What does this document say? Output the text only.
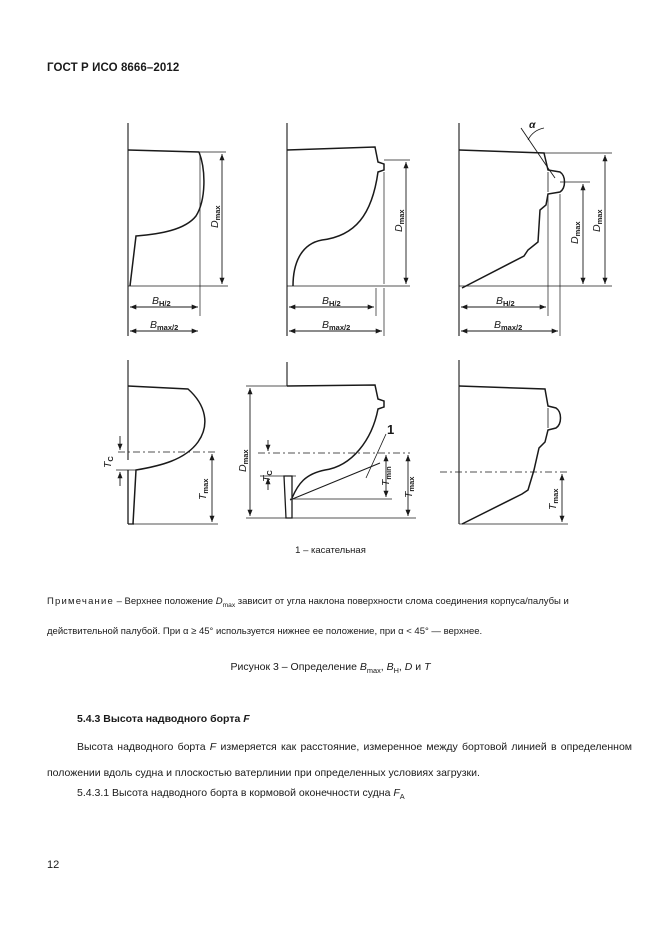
ГОСТ Р ИСО 8666–2012
Dmax
Dmax
Dmax Dmax
Dmax
BH/2
Bmax/2
BH/2
Bmax/2
BH/2
Bmax/2
α
TC
TC
Tmax
Tmax
Tmax
Tmin
1
1 – касательная
Примечание – Верхнее положение $D_{max}$ зависит от угла наклона поверхности слома соединения корпуса/палубы и действительной палубой. При α ≥ 45° используется нижнее ее положение, при α < 45° — верхнее.
Рисунок 3 – Определение $B_{max}$, $B_H$, D и T
5.4.3 Высота надводного борта F
Высота надводного борта F измеряется как расстояние, измеренное между бортовой линией в определенном положении вдоль судна и плоскостью ватерлинии при определенных условиях загрузки.
5.4.3.1 Высота надводного борта в кормовой оконечности судна $F_A$
12
